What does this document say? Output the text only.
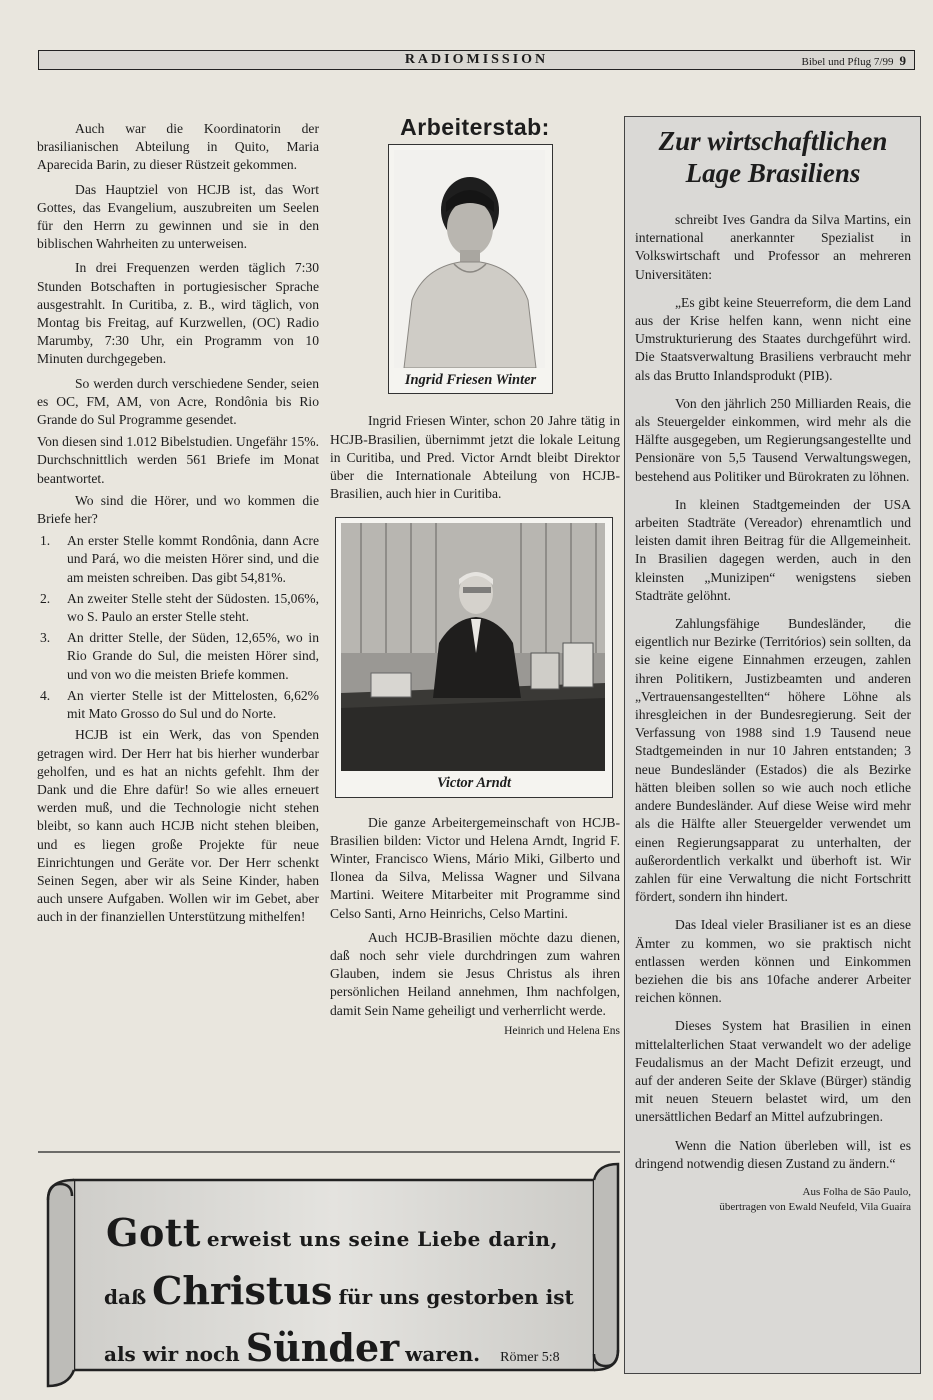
RADIOMISSION	Bibel und Pflug 7/99 9

Auch war die Koordinatorin der brasilianischen Abteilung in Quito, Maria Aparecida Barin, zu dieser Rüstzeit gekommen.

Das Hauptziel von HCJB ist, das Wort Gottes, das Evangelium, auszubreiten um Seelen für den Herrn zu gewinnen und sie in den biblischen Wahrheiten zu unterweisen.

In drei Frequenzen werden täglich 7:30 Stunden Botschaften in portugiesischer Sprache ausgestrahlt. In Curitiba, z. B., wird täglich, von Montag bis Freitag, auf Kurzwellen, (OC) Radio Marumby, 7:30 Uhr, ein Programm von 10 Minuten durchgegeben.

So werden durch verschiedene Sender, seien es OC, FM, AM, von Acre, Rondônia bis Rio Grande do Sul Programme gesendet.

Von diesen sind 1.012 Bibelstudien. Ungefähr 15%. Durchschnittlich werden 561 Briefe im Monat beantwortet.

Wo sind die Hörer, und wo kommen die Briefe her?

1. An erster Stelle kommt Rondônia, dann Acre und Pará, wo die meisten Hörer sind, und die am meisten schreiben. Das gibt 54,81%.
2. An zweiter Stelle steht der Südosten. 15,06%, wo S. Paulo an erster Stelle steht.
3. An dritter Stelle, der Süden, 12,65%, wo in Rio Grande do Sul, die meisten Hörer sind, und von wo die meisten Briefe kommen.
4. An vierter Stelle ist der Mittelosten, 6,62% mit Mato Grosso do Sul und do Norte.

HCJB ist ein Werk, das von Spenden getragen wird. Der Herr hat bis hierher wunderbar geholfen, und es hat an nichts gefehlt. Ihm der Dank und die Ehre dafür! So wie alles erneuert werden muß, und die Technologie nicht stehen bleibt, so kann auch HCJB nicht stehen bleiben, und es liegen große Projekte für neue Einrichtungen und Geräte vor. Der Herr schenkt Seinen Segen, aber wir als Seine Kinder, haben auch unsere Aufgaben. Wollen wir im Gebet, aber auch in der finanziellen Unterstützung mithelfen!

Arbeiterstab:
Ingrid Friesen Winter

Ingrid Friesen Winter, schon 20 Jahre tätig in HCJB-Brasilien, übernimmt jetzt die lokale Leitung in Curitiba, und Pred. Victor Arndt bleibt Direktor über die Internationale Abteilung von HCJB-Brasilien, auch hier in Curitiba.

Victor Arndt

Die ganze Arbeitergemeinschaft von HCJB-Brasilien bilden: Victor und Helena Arndt, Ingrid F. Winter, Francisco Wiens, Mário Miki, Gilberto und Ilonea da Silva, Melissa Wagner und Silvana Martini. Weitere Mitarbeiter mit Programme sind Celso Santi, Arno Heinrichs, Celso Martini.

Auch HCJB-Brasilien möchte dazu dienen, daß noch sehr viele durchdringen zum wahren Glauben, indem sie Jesus Christus als ihren persönlichen Heiland annehmen, Ihm nachfolgen, damit Sein Name geheiligt und verherrlicht werde.

Heinrich und Helena Ens
Zur wirtschaftlichen
Lage Brasiliens

schreibt Ives Gandra da Silva Martins, ein international anerkannter Spezialist in Volkswirtschaft und Professor an mehreren Universitäten:

„Es gibt keine Steuerreform, die dem Land aus der Krise helfen kann, wenn nicht eine Umstrukturierung des Staates durchgeführt wird. Die Staatsverwaltung Brasiliens verbraucht mehr als das Brutto Inlandsprodukt (PIB).

Von den jährlich 250 Milliarden Reais, die als Steuergelder einkommen, wird mehr als die Hälfte ausgegeben, um Regierungsangestellte und Pensionäre von 5,5 Tausend Verwaltungswegen, bestehend aus Politiker und Bürokraten zu löhnen.

In kleinen Stadtgemeinden der USA arbeiten Stadträte (Vereador) ehrenamtlich und leisten damit ihren Beitrag für die Allgemeinheit. In Brasilien dagegen werden, auch in den kleinsten „Munizipen“ wenigstens sieben Stadträte gelöhnt.

Zahlungsfähige Bundesländer, die eigentlich nur Bezirke (Territórios) sein sollten, da sie keine eigene Einnahmen erzeugen, zahlen ihren Politikern, Justizbeamten und anderen „Vertrauensangestellten“ höhere Löhne als ihresgleichen in der Bundesregierung. Seit der Verfassung von 1988 sind 1.9 Tausend neue Stadtgemeinden in nur 10 Jahren entstanden; 3 neue Bundesländer (Estados) die als Bezirke hätten bleiben sollen so wie auch noch etliche andere Bundesländer. Auf diese Weise wird mehr als die Hälfte aller Steuergelder verwendet um einen Regierungsapparat zu unterhalten, der außerordentlich verkalkt und überhoft ist. Wir zahlen für eine Verwaltung die nicht Fortschritt fördert, sondern ihn hindert.

Das Ideal vieler Brasilianer ist es an diese Ämter zu kommen, wo sie praktisch nicht entlassen werden können und Einkommen beziehen die bis ans 10fache anderer Arbeiter reichen können.

Dieses System hat Brasilien in einen mittelalterlichen Staat verwandelt wo der adelige Feudalismus an der Macht Defizit erzeugt, und auf der anderen Seite der Sklave (Bürger) ständig mit neuen Steuern belastet wird, um den unersättlichen Bedarf an Mittel aufzubringen.

Wenn die Nation überleben will, ist es dringend notwendig diesen Zustand zu ändern.“

Aus Folha de São Paulo,
übertragen von Ewald Neufeld, Vila Guaíra
Gott erweist uns seine Liebe darin,
daß Christus für uns gestorben ist
als wir noch Sünder waren. Römer 5:8
